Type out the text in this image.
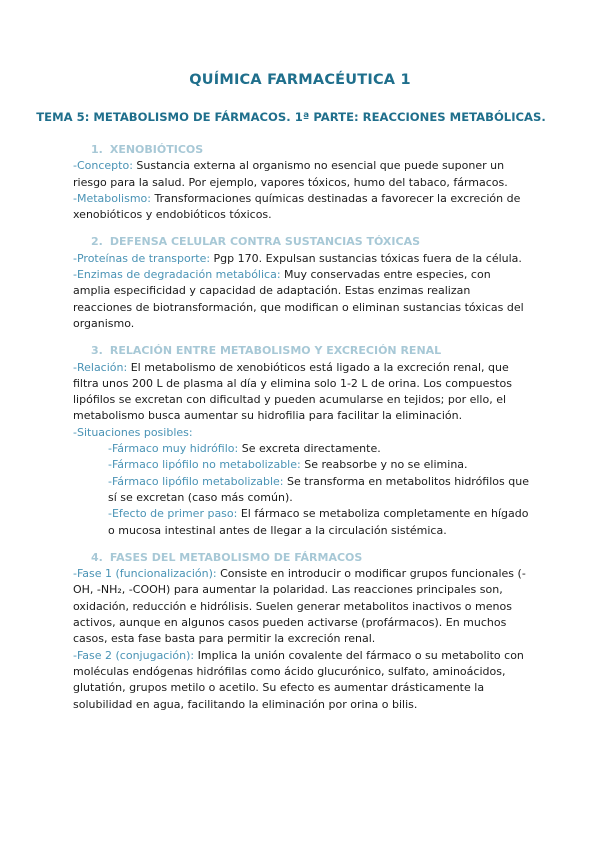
QUÍMICA FARMACÉUTICA 1
TEMA 5: METABOLISMO DE FÁRMACOS. 1ª PARTE: REACCIONES METABÓLICAS.
1. XENOBIÓTICOS

-Concepto: Sustancia externa al organismo no esencial que puede suponer un riesgo para la salud. Por ejemplo, vapores tóxicos, humo del tabaco, fármacos.

-Metabolismo: Transformaciones químicas destinadas a favorecer la excreción de xenobióticos y endobióticos tóxicos.

2. DEFENSA CELULAR CONTRA SUSTANCIAS TÓXICAS

-Proteínas de transporte: Pgp 170. Expulsan sustancias tóxicas fuera de la célula.

-Enzimas de degradación metabólica: Muy conservadas entre especies, con amplia especificidad y capacidad de adaptación. Estas enzimas realizan reacciones de biotransformación, que modifican o eliminan sustancias tóxicas del organismo.

3. RELACIÓN ENTRE METABOLISMO Y EXCRECIÓN RENAL

-Relación: El metabolismo de xenobióticos está ligado a la excreción renal, que filtra unos 200 L de plasma al día y elimina solo 1-2 L de orina. Los compuestos lipófilos se excretan con dificultad y pueden acumularse en tejidos; por ello, el metabolismo busca aumentar su hidrofilia para facilitar la eliminación.

-Situaciones posibles:

-Fármaco muy hidrófilo: Se excreta directamente.

-Fármaco lipófilo no metabolizable: Se reabsorbe y no se elimina.

-Fármaco lipófilo metabolizable: Se transforma en metabolitos hidrófilos que sí se excretan (caso más común).

-Efecto de primer paso: El fármaco se metaboliza completamente en hígado o mucosa intestinal antes de llegar a la circulación sistémica.

4. FASES DEL METABOLISMO DE FÁRMACOS

-Fase 1 (funcionalización): Consiste en introducir o modificar grupos funcionales (-OH, -NH₂, -COOH) para aumentar la polaridad. Las reacciones principales son, oxidación, reducción e hidrólisis. Suelen generar metabolitos inactivos o menos activos, aunque en algunos casos pueden activarse (profármacos). En muchos casos, esta fase basta para permitir la excreción renal.

-Fase 2 (conjugación): Implica la unión covalente del fármaco o su metabolito con moléculas endógenas hidrófilas como ácido glucurónico, sulfato, aminoácidos, glutatión, grupos metilo o acetilo. Su efecto es aumentar drásticamente la solubilidad en agua, facilitando la eliminación por orina o bilis.
